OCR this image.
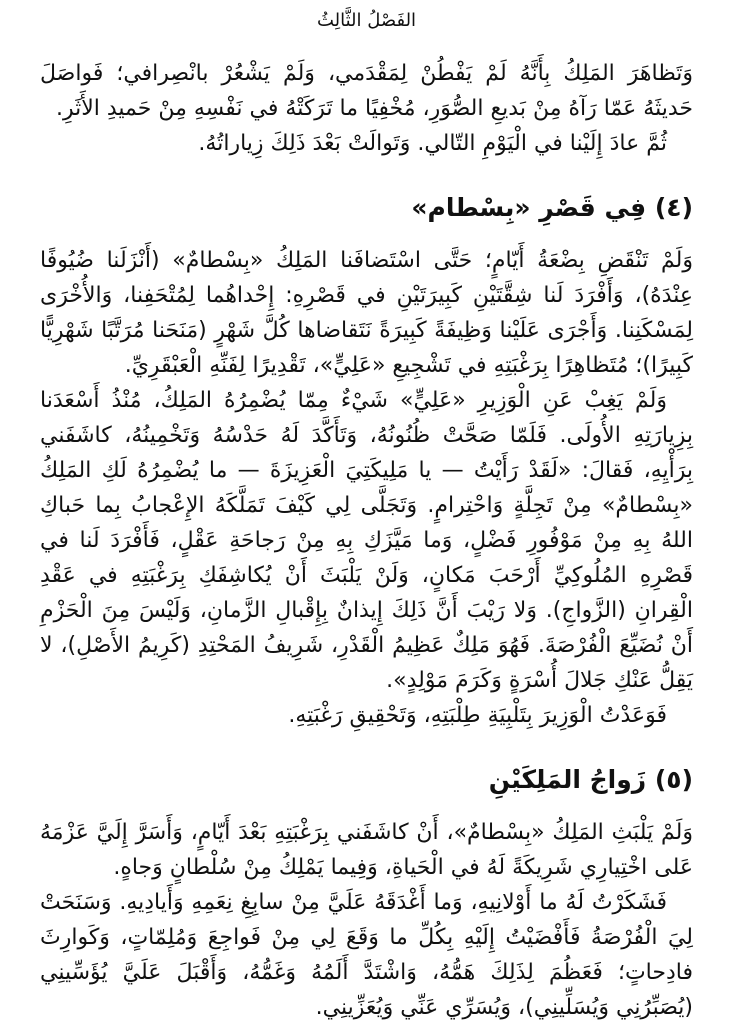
الفَصْلُ الثَّالِثُ

وَتَظاهَرَ المَلِكُ بِأَنَّهُ لَمْ يَفْطُنْ لِمَقْدَمي، وَلَمْ يَشْعُرْ بانْصِرافي؛ فَواصَلَ حَديثَهُ عَمّا رَآهُ مِنْ بَديعِ الصُّوَرِ، مُخْفِيًا ما تَرَكَتْهُ في نَفْسِهِ مِنْ حَميدِ الأَثَرِ.

ثُمَّ عادَ إِلَيْنا في الْيَوْمِ التّالي. وَتَوالَتْ بَعْدَ ذَلِكَ زِياراتُهُ.

(٤) فِي قَصْرِ «بِسْطام»

وَلَمْ تَنْقَضِ بِضْعَةُ أَيّامٍ؛ حَتَّى اسْتَضافَنا المَلِكُ «بِسْطامٌ» (أَنْزَلَنا ضُيُوفًا عِنْدَهُ)، وَأَفْرَدَ لَنا شِقَّتَيْنِ كَبِيرَتَيْنِ في قَصْرِهِ: إِحْداهُما لِمُتْحَفِنا، وَالأُخْرَى لِمَسْكَنِنا. وَأَجْرَى عَلَيْنا وَظِيفَةً كَبِيرَةً نَتَقاضاها كُلَّ شَهْرٍ (مَنَحَنا مُرَتَّبًا شَهْرِيًّا كَبِيرًا)؛ مُتَظاهِرًا بِرَغْبَتِهِ في تَشْجِيعِ «عَلِيٍّ»، تَقْدِيرًا لِفَنِّهِ الْعَبْقَرِيِّ.

وَلَمْ يَغِبْ عَنِ الْوَزِيرِ «عَلِيٍّ» شَيْءٌ مِمّا يُضْمِرُهُ المَلِكُ، مُنْذُ أَسْعَدَنا بِزِيارَتِهِ الأُولَى. فَلَمّا صَحَّتْ ظُنُونُهُ، وَتَأَكَّدَ لَهُ حَدْسُهُ وَتَخْمِينُهُ، كاشَفَني بِرَأْيِهِ، فَقالَ: «لَقَدْ رَأَيْتُ — يا مَلِيكَتِيَ الْعَزِيزَةَ — ما يُضْمِرُهُ لَكِ المَلِكُ «بِسْطامٌ» مِنْ تَجِلَّةٍ وَاحْتِرامٍ. وَتَجَلَّى لِي كَيْفَ تَمَلَّكَهُ الإِعْجابُ بِما حَباكِ اللهُ بِهِ مِنْ مَوْفُورِ فَضْلٍ، وَما مَيَّزَكِ بِهِ مِنْ رَجاحَةِ عَقْلٍ، فَأَفْرَدَ لَنا في قَصْرِهِ المُلُوكِيِّ أَرْحَبَ مَكانٍ، وَلَنْ يَلْبَثَ أَنْ يُكاشِفَكِ بِرَغْبَتِهِ في عَقْدِ الْقِرانِ (الزَّواجِ). وَلا رَيْبَ أَنَّ ذَلِكَ إِيذانٌ بِإِقْبالِ الزَّمانِ، وَلَيْسَ مِنَ الْحَزْمِ أَنْ نُضَيِّعَ الْفُرْصَةَ. فَهُوَ مَلِكٌ عَظِيمُ الْقَدْرِ، شَرِيفُ المَحْتِدِ (كَرِيمُ الأَصْلِ)، لا يَقِلُّ عَنْكِ جَلالَ أُسْرَةٍ وَكَرَمَ مَوْلِدٍ».

فَوَعَدْتُ الْوَزِيرَ بِتَلْبِيَةِ طِلْبَتِهِ، وَتَحْقِيقِ رَغْبَتِهِ.

(٥) زَواجُ المَلِكَيْنِ

وَلَمْ يَلْبَثِ المَلِكُ «بِسْطامٌ»، أَنْ كاشَفَني بِرَغْبَتِهِ بَعْدَ أَيّامٍ، وَأَسَرَّ إِلَيَّ عَزْمَهُ عَلى اخْتِيارِي شَرِيكَةً لَهُ في الْحَياةِ، وَفِيما يَمْلِكُ مِنْ سُلْطانٍ وَجاهٍ.

فَشَكَرْتُ لَهُ ما أَوْلانِيهِ، وَما أَغْدَقَهُ عَلَيَّ مِنْ سابِغِ نِعَمِهِ وَأَيادِيهِ. وَسَنَحَتْ لِيَ الْفُرْصَةُ فَأَفْضَيْتُ إِلَيْهِ بِكُلِّ ما وَقَعَ لِي مِنْ فَواجِعَ وَمُلِمّاتٍ، وَكَوارِثَ فادِحاتٍ؛ فَعَظُمَ لِذَلِكَ هَمُّهُ، وَاشْتَدَّ أَلَمُهُ وَغَمُّهُ، وَأَقْبَلَ عَلَيَّ يُؤَسِّينِي (يُصَبِّرُنِي وَيُسَلِّينِي)، وَيُسَرِّي عَنِّي وَيُعَزِّينِي.
